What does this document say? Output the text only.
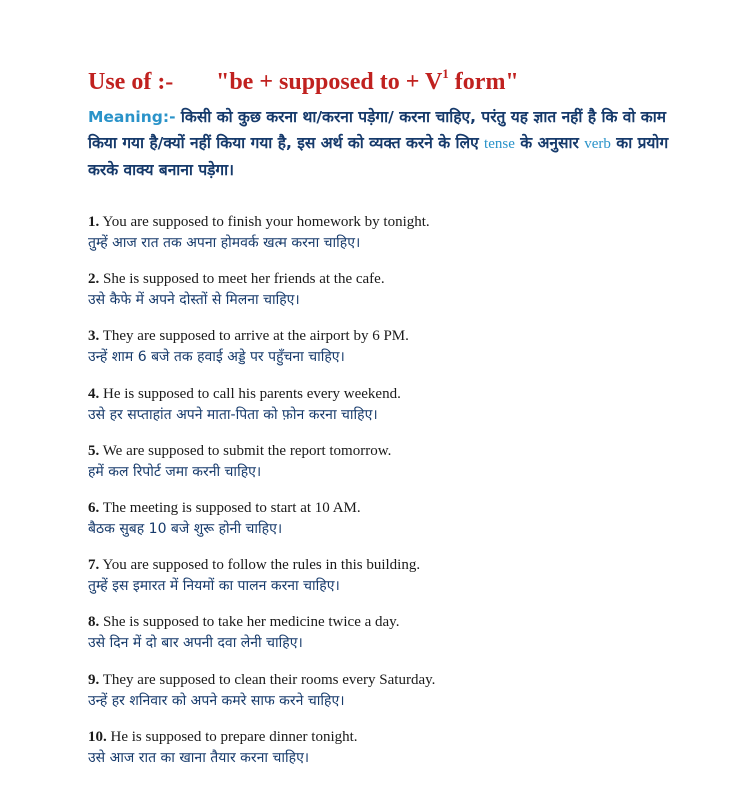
Use of :- "be + supposed to + $V^1$ form"
Meaning:- किसी को कुछ करना था/करना पड़ेगा/ करना चाहिए, परंतु यह ज्ञात नहीं है कि वो काम किया गया है/क्यों नहीं किया गया है, इस अर्थ को व्यक्त करने के लिए tense के अनुसार verb का प्रयोग करके वाक्य बनाना पड़ेगा।
1. You are supposed to finish your homework by tonight.
तुम्हें आज रात तक अपना होमवर्क खत्म करना चाहिए।
2. She is supposed to meet her friends at the cafe.
उसे कैफे में अपने दोस्तों से मिलना चाहिए।
3. They are supposed to arrive at the airport by 6 PM.
उन्हें शाम 6 बजे तक हवाई अड्डे पर पहुँचना चाहिए।
4. He is supposed to call his parents every weekend.
उसे हर सप्ताहांत अपने माता-पिता को फ़ोन करना चाहिए।
5. We are supposed to submit the report tomorrow.
हमें कल रिपोर्ट जमा करनी चाहिए।
6. The meeting is supposed to start at 10 AM.
बैठक सुबह 10 बजे शुरू होनी चाहिए।
7. You are supposed to follow the rules in this building.
तुम्हें इस इमारत में नियमों का पालन करना चाहिए।
8. She is supposed to take her medicine twice a day.
उसे दिन में दो बार अपनी दवा लेनी चाहिए।
9. They are supposed to clean their rooms every Saturday.
उन्हें हर शनिवार को अपने कमरे साफ करने चाहिए।
10. He is supposed to prepare dinner tonight.
उसे आज रात का खाना तैयार करना चाहिए।
